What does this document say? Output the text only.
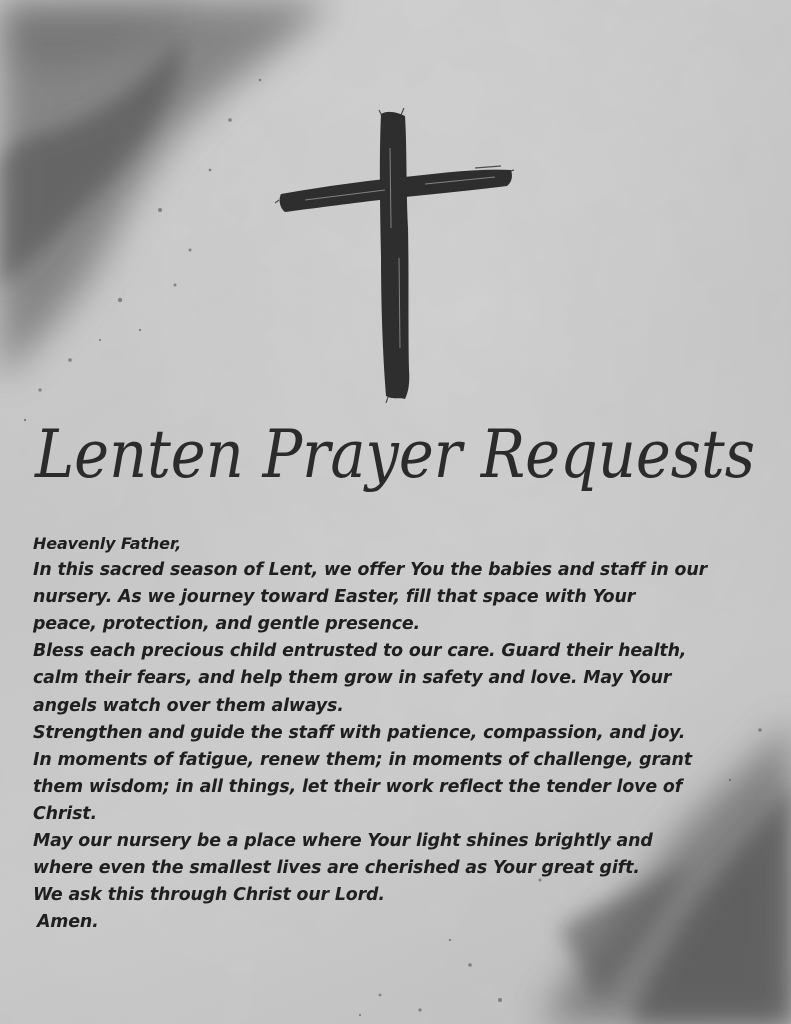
Lenten Prayer Requests
Heavenly Father,
In this sacred season of Lent, we offer You the babies and staff in our
nursery. As we journey toward Easter, fill that space with Your
peace, protection, and gentle presence.
Bless each precious child entrusted to our care. Guard their health,
calm their fears, and help them grow in safety and love. May Your
angels watch over them always.
Strengthen and guide the staff with patience, compassion, and joy.
In moments of fatigue, renew them; in moments of challenge, grant
them wisdom; in all things, let their work reflect the tender love of
Christ.
May our nursery be a place where Your light shines brightly and
where even the smallest lives are cherished as Your great gift.
We ask this through Christ our Lord.
Amen.
